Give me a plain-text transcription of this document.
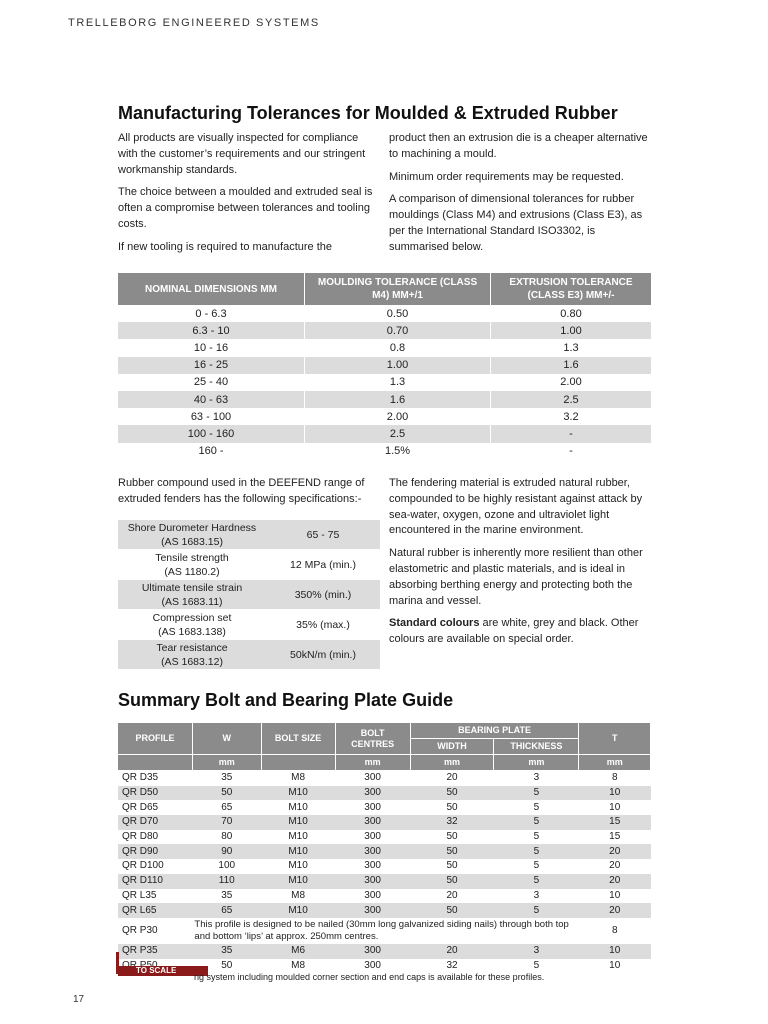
TRELLEBORG ENGINEERED SYSTEMS
Manufacturing Tolerances for Moulded & Extruded Rubber

All products are visually inspected for compliance with the customer’s requirements and our stringent workmanship standards.

The choice between a moulded and extruded seal is often a compromise between tolerances and tooling costs.

If new tooling is required to manufacture the

product then an extrusion die is a cheaper alternative to machining a mould.

Minimum order requirements may be requested.

A comparison of dimensional tolerances for rubber mouldings (Class M4) and extrusions (Class E3), as per the International Standard ISO3302, is summarised below.

NOMINAL DIMENSIONS MM	MOULDING TOLERANCE (CLASS M4) MM+/1	EXTRUSION TOLERANCE (CLASS E3) MM+/-
0 - 6.3	0.50	0.80
6.3 - 10	0.70	1.00
10 - 16	0.8	1.3
16 - 25	1.00	1.6
25 - 40	1.3	2.00
40 - 63	1.6	2.5
63 - 100	2.00	3.2
100 - 160	2.5	-
160 -	1.5%	-

Rubber compound used in the DEEFEND range of extruded fenders has the following specifications:-

Shore Durometer Hardness
(AS 1683.15)	65 - 75

Tensile strength
(AS 1180.2)	12 MPa (min.)

Ultimate tensile strain
(AS 1683.11)	350% (min.)

Compression set
(AS 1683.138)	35% (max.)

Tear resistance
(AS 1683.12)	50kN/m (min.)

The fendering material is extruded natural rubber, compounded to be highly resistant against attack by sea-water, oxygen, ozone and ultraviolet light encountered in the marine environment.

Natural rubber is inherently more resilient than other elastometric and plastic materials, and is ideal in absorbing berthing energy and protecting both the marina and vessel.

Standard colours are white, grey and black. Other colours are available on special order.

Summary Bolt and Bearing Plate Guide
PROFILE	W	BOLT SIZE	BOLT CENTRES	BEARING PLATE		T
				WIDTH	THICKNESS	
	mm		mm	mm	mm	mm
QR D35	35	M8	300	20	3	8
QR D50	50	M10	300	50	5	10
QR D65	65	M10	300	50	5	10
QR D70	70	M10	300	32	5	15
QR D80	80	M10	300	50	5	15
QR D90	90	M10	300	50	5	20
QR D100	100	M10	300	50	5	20
QR D110	110	M10	300	50	5	20
QR L35	35	M8	300	20	3	10
QR L65	65	M10	300	50	5	20
QR P30	This profile is designed to be nailed (30mm long galvanized siding nails) through both top and bottom ‘lips’ at approx. 250mm centres.					8
QR P35	35	M6	300	20	3	10
	50	M8	300	32	5	10
TO SCALE
ng system including moulded corner section and end caps is available for these profiles.
17
